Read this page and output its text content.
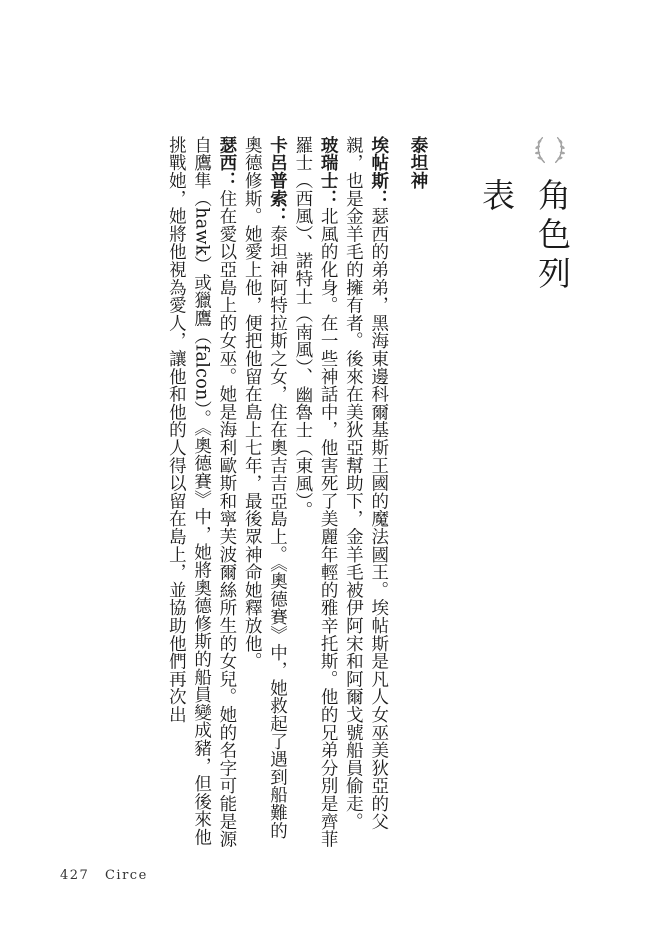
角色列表
泰坦神

埃帖斯：瑟西的弟弟，黑海東邊科爾基斯王國的魔法國王。埃帖斯是凡人女巫美狄亞的父親，也是金羊毛的擁有者。後來在美狄亞幫助下，金羊毛被伊阿宋和阿爾戈號船員偷走。

玻瑞士：北風的化身。在一些神話中，他害死了美麗年輕的雅辛托斯。他的兄弟分別是齊菲羅士（西風）、諾特士（南風）、幽魯士（東風）。

卡呂普索：泰坦神阿特拉斯之女，住在奧吉吉亞島上。《奧德賽》中，她救起了遇到船難的奧德修斯。她愛上他，便把他留在島上七年，最後眾神命她釋放他。

瑟西：住在愛以亞島上的女巫。她是海利歐斯和寧芙波爾絲所生的女兒。她的名字可能是源自鷹隼（hawk）或獵鷹（falcon）。《奧德賽》中，她將奧德修斯的船員變成豬，但後來他挑戰她，她將他視為愛人，讓他和他的人得以留在島上，並協助他們再次出

427 Circe
